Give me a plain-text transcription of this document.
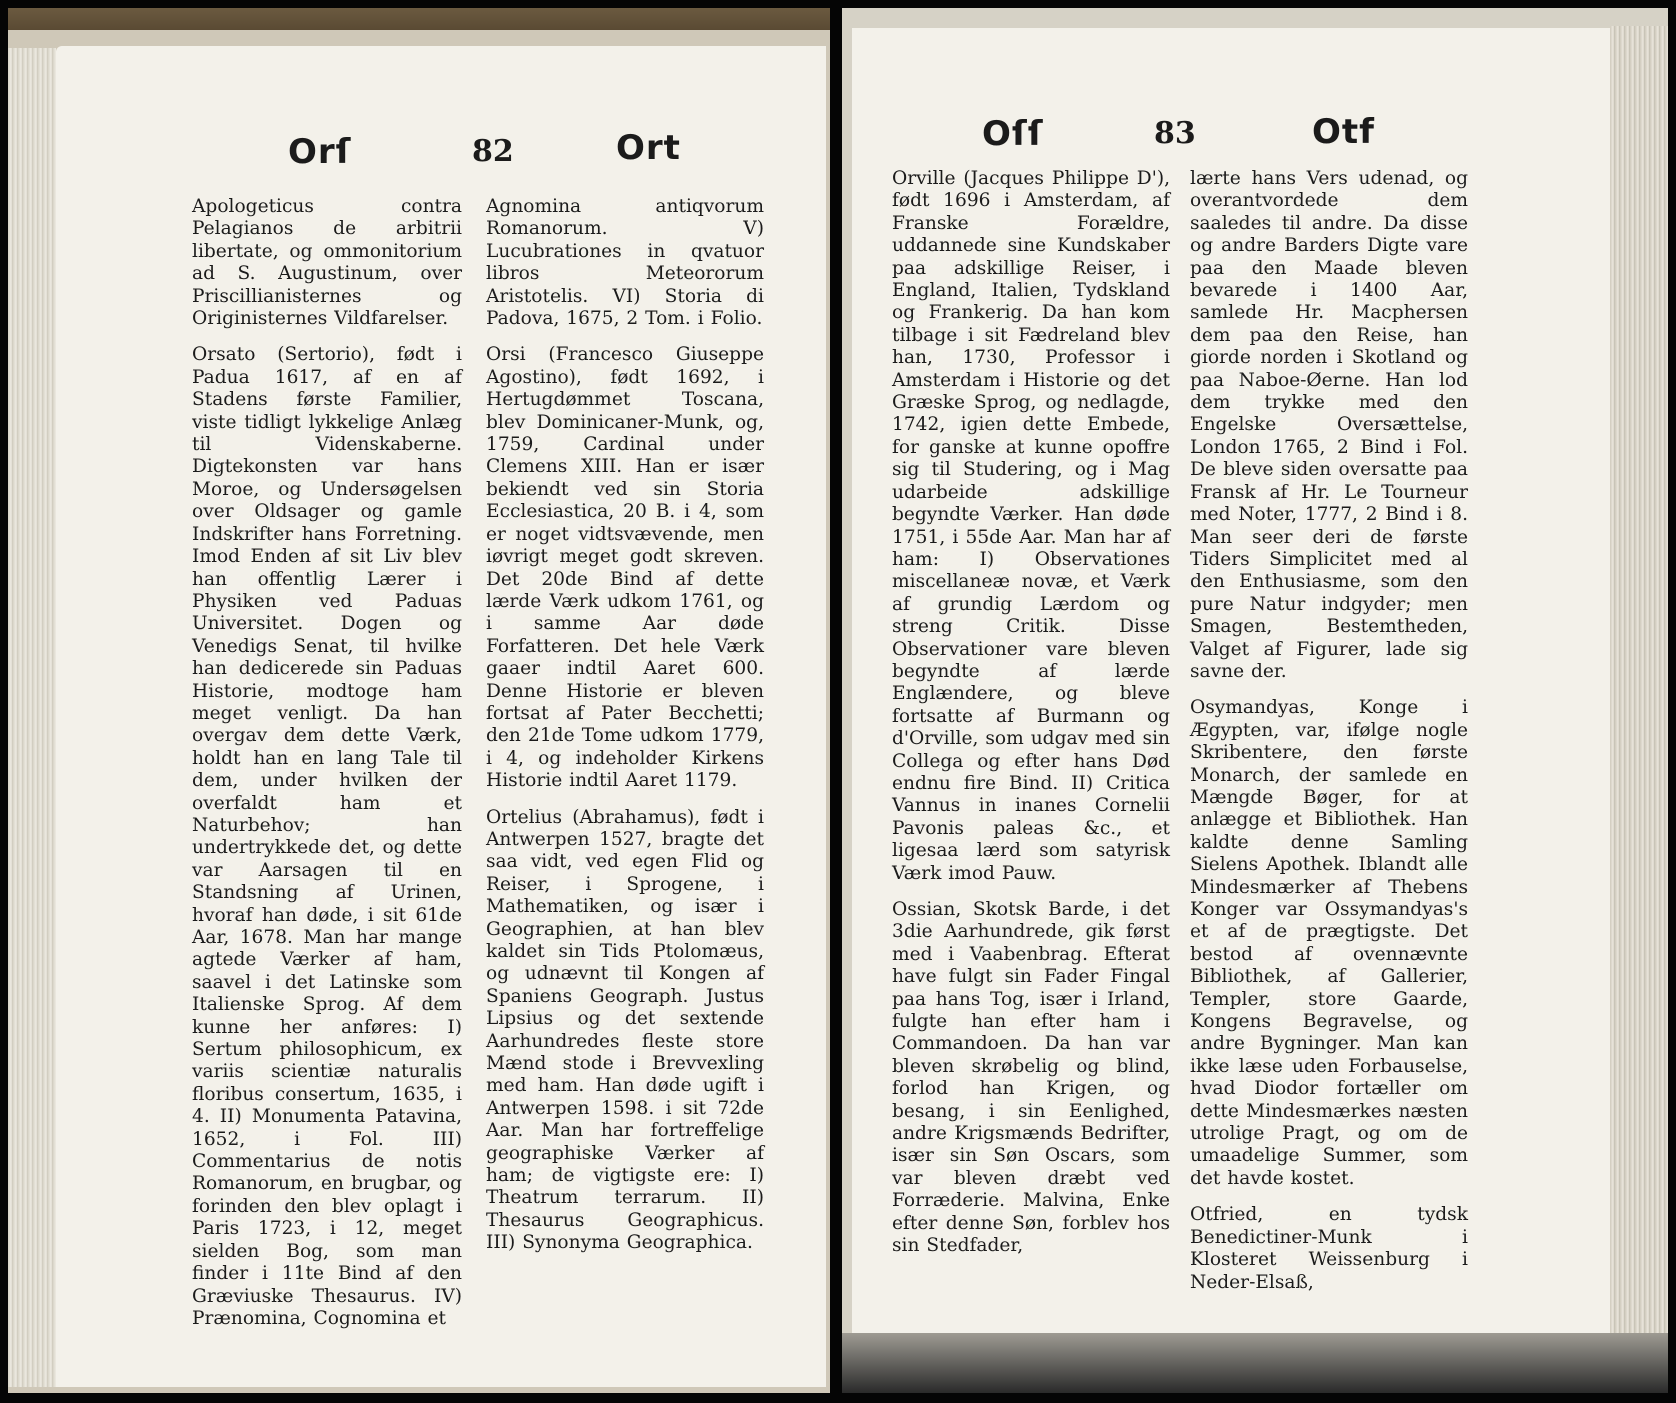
Orſ	82	Ort

Apologeticus contra Pelagianos de arbitrii libertate, og ommonitorium ad S. Augustinum, over Priscillianisternes og Originisternes Vildfarelser.

Orsato (Sertorio), født i Padua 1617, af en af Stadens første Familier, viste tidligt lykkelige Anlæg til Videnskaberne. Digtekonsten var hans Moroe, og Undersøgelsen over Oldsager og gamle Indskrifter hans Forretning. Imod Enden af sit Liv blev han offentlig Lærer i Physiken ved Paduas Universitet. Dogen og Venedigs Senat, til hvilke han dedicerede sin Paduas Historie, modtoge ham meget venligt. Da han overgav dem dette Værk, holdt han en lang Tale til dem, under hvilken der overfaldt ham et Naturbehov; han undertrykkede det, og dette var Aarsagen til en Standsning af Urinen, hvoraf han døde, i sit 61de Aar, 1678. Man har mange agtede Værker af ham, saavel i det Latinske som Italienske Sprog. Af dem kunne her anføres: I) Sertum philosophicum, ex variis scientiæ naturalis floribus consertum, 1635, i 4. II) Monumenta Patavina, 1652, i Fol. III) Commentarius de notis Romanorum, en brugbar, og forinden den blev oplagt i Paris 1723, i 12, meget sielden Bog, som man finder i 11te Bind af den Græviuske Thesaurus. IV) Prænomina, Cognomina et

Agnomina antiqvorum Romanorum. V) Lucubrationes in qvatuor libros Meteororum Aristotelis. VI) Storia di Padova, 1675, 2 Tom. i Folio.

Orsi (Francesco Giuseppe Agostino), født 1692, i Hertugdømmet Toscana, blev Dominicaner-Munk, og, 1759, Cardinal under Clemens XIII. Han er især bekiendt ved sin Storia Ecclesiastica, 20 B. i 4, som er noget vidtsvævende, men iøvrigt meget godt skreven. Det 20de Bind af dette lærde Værk udkom 1761, og i samme Aar døde Forfatteren. Det hele Værk gaaer indtil Aaret 600. Denne Historie er bleven fortsat af Pater Becchetti; den 21de Tome udkom 1779, i 4, og indeholder Kirkens Historie indtil Aaret 1179.

Ortelius (Abrahamus), født i Antwerpen 1527, bragte det saa vidt, ved egen Flid og Reiser, i Sprogene, i Mathematiken, og især i Geographien, at han blev kaldet sin Tids Ptolomæus, og udnævnt til Kongen af Spaniens Geograph. Justus Lipsius og det sextende Aarhundredes fleste store Mænd stode i Brevvexling med ham. Han døde ugift i Antwerpen 1598. i sit 72de Aar. Man har fortreffelige geographiske Værker af ham; de vigtigste ere: I) Theatrum terrarum. II) Thesaurus Geographicus. III) Synonyma Geographica.

Oſſ	83	Otf

Orville (Jacques Philippe D'), født 1696 i Amsterdam, af Franske Forældre, uddannede sine Kundskaber paa adskillige Reiser, i England, Italien, Tydskland og Frankerig. Da han kom tilbage i sit Fædreland blev han, 1730, Professor i Amsterdam i Historie og det Græske Sprog, og nedlagde, 1742, igien dette Embede, for ganske at kunne opoffre sig til Studering, og i Mag udarbeide adskillige begyndte Værker. Han døde 1751, i 55de Aar. Man har af ham: I) Observationes miscellaneæ novæ, et Værk af grundig Lærdom og streng Critik. Disse Observationer vare bleven begyndte af lærde Englændere, og bleve fortsatte af Burmann og d'Orville, som udgav med sin Collega og efter hans Død endnu fire Bind. II) Critica Vannus in inanes Cornelii Pavonis paleas &c., et ligesaa lærd som satyrisk Værk imod Pauw.

Ossian, Skotsk Barde, i det 3die Aarhundrede, gik først med i Vaabenbrag. Efterat have fulgt sin Fader Fingal paa hans Tog, især i Irland, fulgte han efter ham i Commandoen. Da han var bleven skrøbelig og blind, forlod han Krigen, og besang, i sin Eenlighed, andre Krigsmænds Bedrifter, især sin Søn Oscars, som var bleven dræbt ved Forræderie. Malvina, Enke efter denne Søn, forblev hos sin Stedfader,

lærte hans Vers udenad, og overantvordede dem saaledes til andre. Da disse og andre Barders Digte vare paa den Maade bleven bevarede i 1400 Aar, samlede Hr. Macphersen dem paa den Reise, han giorde norden i Skotland og paa Naboe-Øerne. Han lod dem trykke med den Engelske Oversættelse, London 1765, 2 Bind i Fol. De bleve siden oversatte paa Fransk af Hr. Le Tourneur med Noter, 1777, 2 Bind i 8. Man seer deri de første Tiders Simplicitet med al den Enthusiasme, som den pure Natur indgyder; men Smagen, Bestemtheden, Valget af Figurer, lade sig savne der.

Osymandyas, Konge i Ægypten, var, ifølge nogle Skribentere, den første Monarch, der samlede en Mængde Bøger, for at anlægge et Bibliothek. Han kaldte denne Samling Sielens Apothek. Iblandt alle Mindesmærker af Thebens Konger var Ossymandyas's et af de prægtigste. Det bestod af ovennævnte Bibliothek, af Gallerier, Templer, store Gaarde, Kongens Begravelse, og andre Bygninger. Man kan ikke læse uden Forbauselse, hvad Diodor fortæller om dette Mindesmærkes næsten utrolige Pragt, og om de umaadelige Summer, som det havde kostet.

Otfried, en tydsk Benedictiner-Munk i Klosteret Weissenburg i Neder-Elsaß,
